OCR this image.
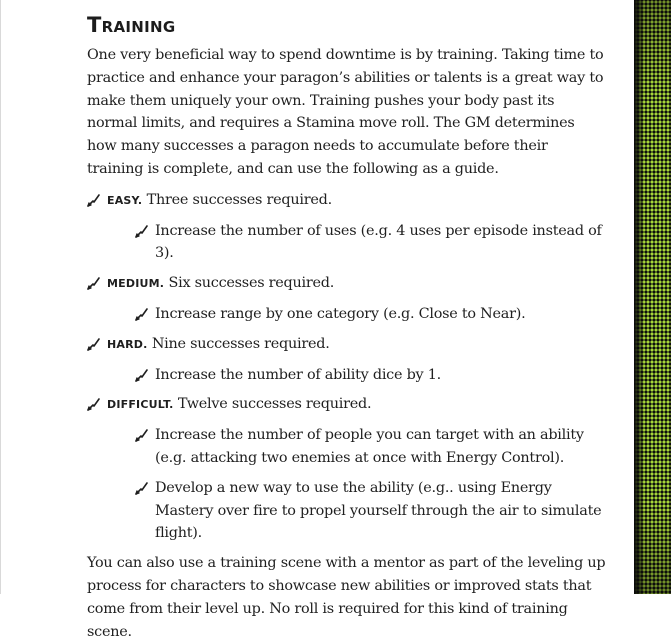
Training

One very beneficial way to spend downtime is by training. Taking time to practice and enhance your paragon’s abilities or talents is a great way to make them uniquely your own. Training pushes your body past its normal limits, and requires a Stamina move roll. The GM determines how many successes a paragon needs to accumulate before their training is complete, and can use the following as a guide.

EASY. Three successes required.
Increase the number of uses (e.g. 4 uses per episode instead of 3).
MEDIUM. Six successes required.
Increase range by one category (e.g. Close to Near).
HARD. Nine successes required.
Increase the number of ability dice by 1.
DIFFICULT. Twelve successes required.
Increase the number of people you can target with an ability (e.g. attacking two enemies at once with Energy Control).
Develop a new way to use the ability (e.g.. using Energy Mastery over fire to propel yourself through the air to simulate flight).

You can also use a training scene with a mentor as part of the leveling up process for characters to showcase new abilities or improved stats that come from their level up. No roll is required for this kind of training scene.
